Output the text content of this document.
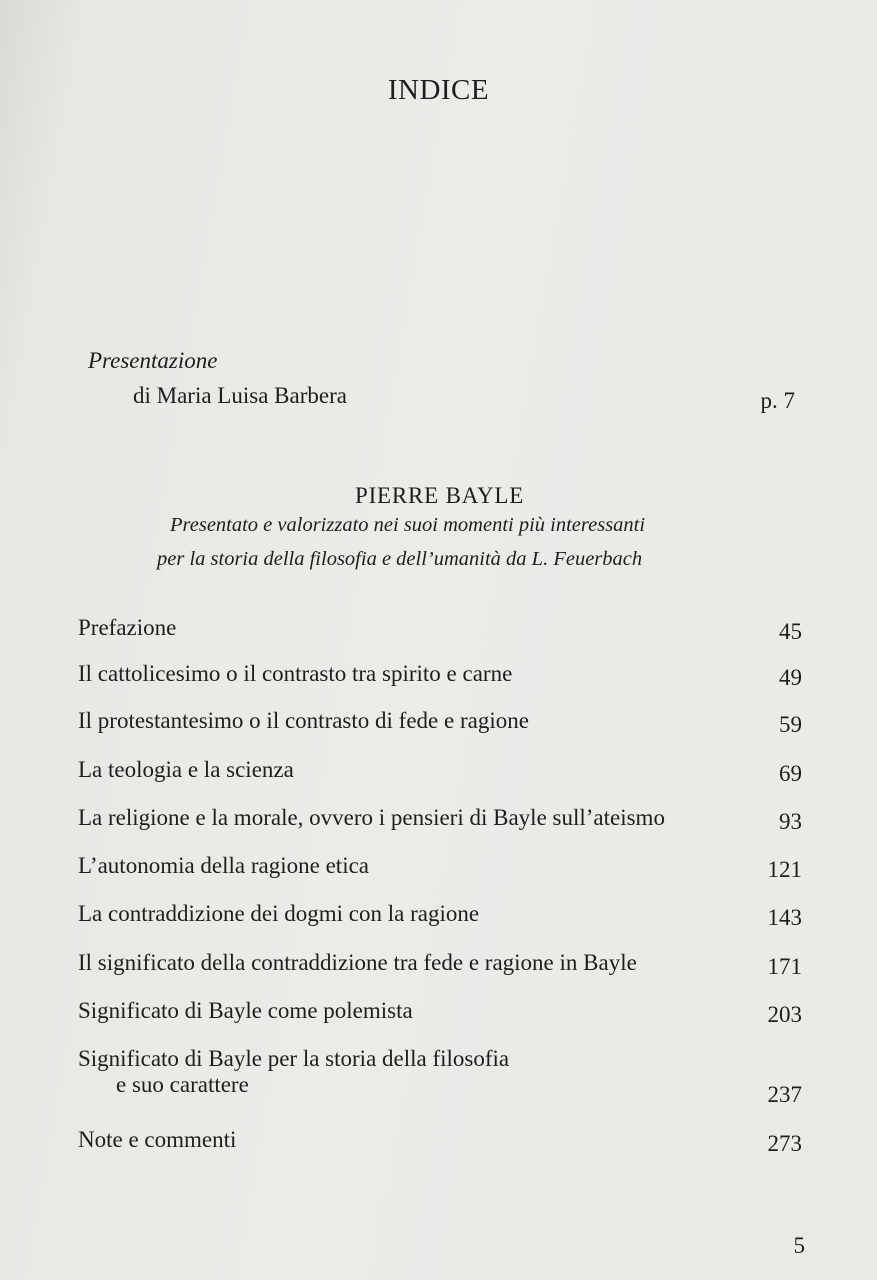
INDICE
Presentazione
di Maria Luisa Barbera	p. 7
PIERRE BAYLE
Presentato e valorizzato nei suoi momenti più interessanti
per la storia della filosofia e dell’umanità da L. Feuerbach
Prefazione	45
Il cattolicesimo o il contrasto tra spirito e carne	49
Il protestantesimo o il contrasto di fede e ragione	59
La teologia e la scienza	69
La religione e la morale, ovvero i pensieri di Bayle sull’ateismo	93
L’autonomia della ragione etica	121
La contraddizione dei dogmi con la ragione	143
Il significato della contraddizione tra fede e ragione in Bayle	171
Significato di Bayle come polemista	203
Significato di Bayle per la storia della filosofia
e suo carattere	237
Note e commenti	273
5
